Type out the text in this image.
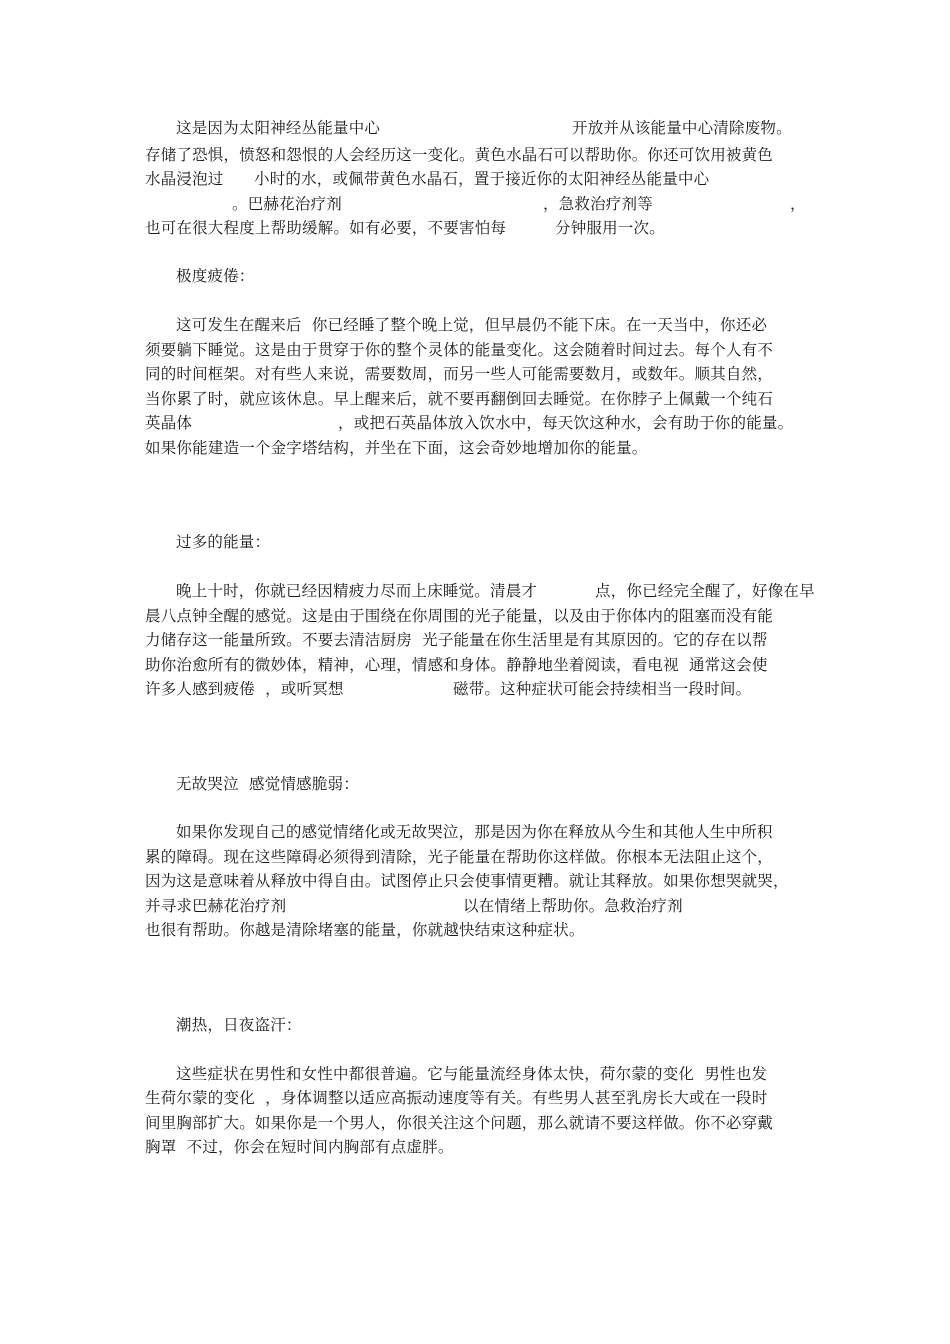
这是因为太阳神经丛能量中心

	开放并从该能量中心清除废物。

存储了恐惧，愤怒和怨恨的人会经历这一变化。黄色水晶石可以帮助你。你还可饮用被黄色

水晶浸泡过

小时的水，或佩带黄色水晶石，置于接近你的太阳神经丛能量中心

。巴赫花治疗剂

	，急救治疗剂等

	，

也可在很大程度上帮助缓解。如有必要，不要害怕每

	分钟服用一次。

极度疲倦：
这可发生在醒来后  你已经睡了整个晚上觉，但早晨仍不能下床。在一天当中，你还必
须要躺下睡觉。这是由于贯穿于你的整个灵体的能量变化。这会随着时间过去。每个人有不
同的时间框架。对有些人来说，需要数周，而另一些人可能需要数月，或数年。顺其自然，
当你累了时，就应该休息。早上醒来后，就不要再翻倒回去睡觉。在你脖子上佩戴一个纯石

英晶体

	，或把石英晶体放入饮水中，每天饮这种水，会有助于你的能量。

如果你能建造一个金字塔结构，并坐在下面，这会奇妙地增加你的能量。
过多的能量：

晚上十时，你就已经因精疲力尽而上床睡觉。清晨才

	点，你已经完全醒了，好像在早

晨八点钟全醒的感觉。这是由于围绕在你周围的光子能量，以及由于你体内的阻塞而没有能
力储存这一能量所致。不要去清洁厨房  光子能量在你生活里是有其原因的。它的存在以帮
助你治愈所有的微妙体，精神，心理，情感和身体。静静地坐着阅读，看电视  通常这会使

许多人感到疲倦  ，或听冥想

	磁带。这种症状可能会持续相当一段时间。

无故哭泣  感觉情感脆弱：
如果你发现自己的感觉情绪化或无故哭泣，那是因为你在释放从今生和其他人生中所积
累的障碍。现在这些障碍必须得到清除，光子能量在帮助你这样做。你根本无法阻止这个，
因为这是意味着从释放中得自由。试图停止只会使事情更糟。就让其释放。如果你想哭就哭，

并寻求巴赫花治疗剂

	以在情绪上帮助你。急救治疗剂

也很有帮助。你越是清除堵塞的能量，你就越快结束这种症状。
潮热，日夜盗汗：
这些症状在男性和女性中都很普遍。它与能量流经身体太快，荷尔蒙的变化  男性也发
生荷尔蒙的变化  ，身体调整以适应高振动速度等有关。有些男人甚至乳房长大或在一段时
间里胸部扩大。如果你是一个男人，你很关注这个问题，那么就请不要这样做。你不必穿戴
胸罩  不过，你会在短时间内胸部有点虚胖。
